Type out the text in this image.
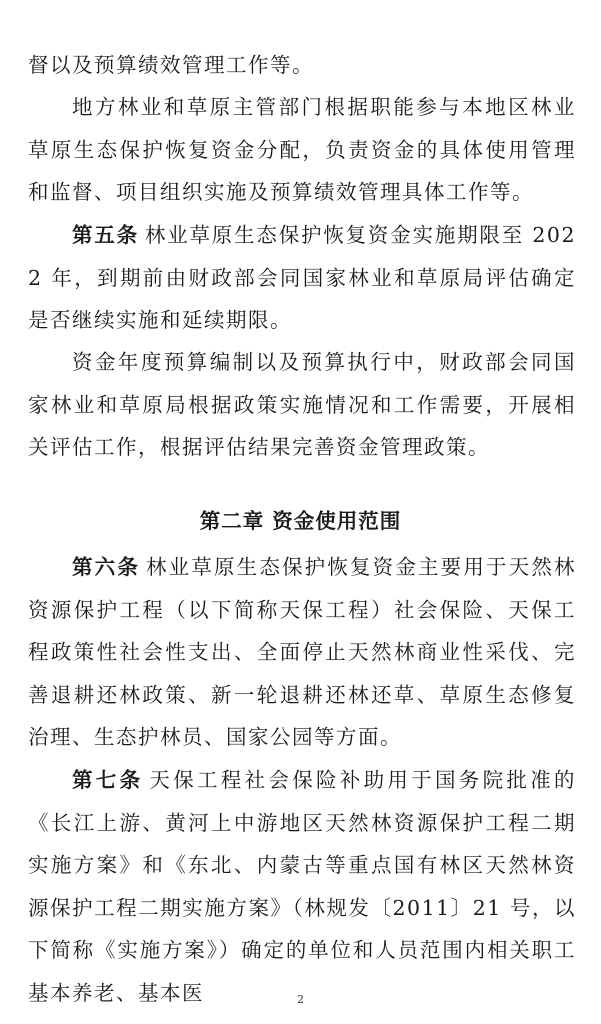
督以及预算绩效管理工作等。

地方林业和草原主管部门根据职能参与本地区林业草原生态保护恢复资金分配，负责资金的具体使用管理和监督、项目组织实施及预算绩效管理具体工作等。

第五条 林业草原生态保护恢复资金实施期限至 2022 年，到期前由财政部会同国家林业和草原局评估确定是否继续实施和延续期限。

资金年度预算编制以及预算执行中，财政部会同国家林业和草原局根据政策实施情况和工作需要，开展相关评估工作，根据评估结果完善资金管理政策。

第二章 资金使用范围

第六条 林业草原生态保护恢复资金主要用于天然林资源保护工程（以下简称天保工程）社会保险、天保工程政策性社会性支出、全面停止天然林商业性采伐、完善退耕还林政策、新一轮退耕还林还草、草原生态修复治理、生态护林员、国家公园等方面。

第七条 天保工程社会保险补助用于国务院批准的《长江上游、黄河上中游地区天然林资源保护工程二期实施方案》和《东北、内蒙古等重点国有林区天然林资源保护工程二期实施方案》（林规发〔2011〕21 号，以下简称《实施方案》）确定的单位和人员范围内相关职工基本养老、基本医	2
